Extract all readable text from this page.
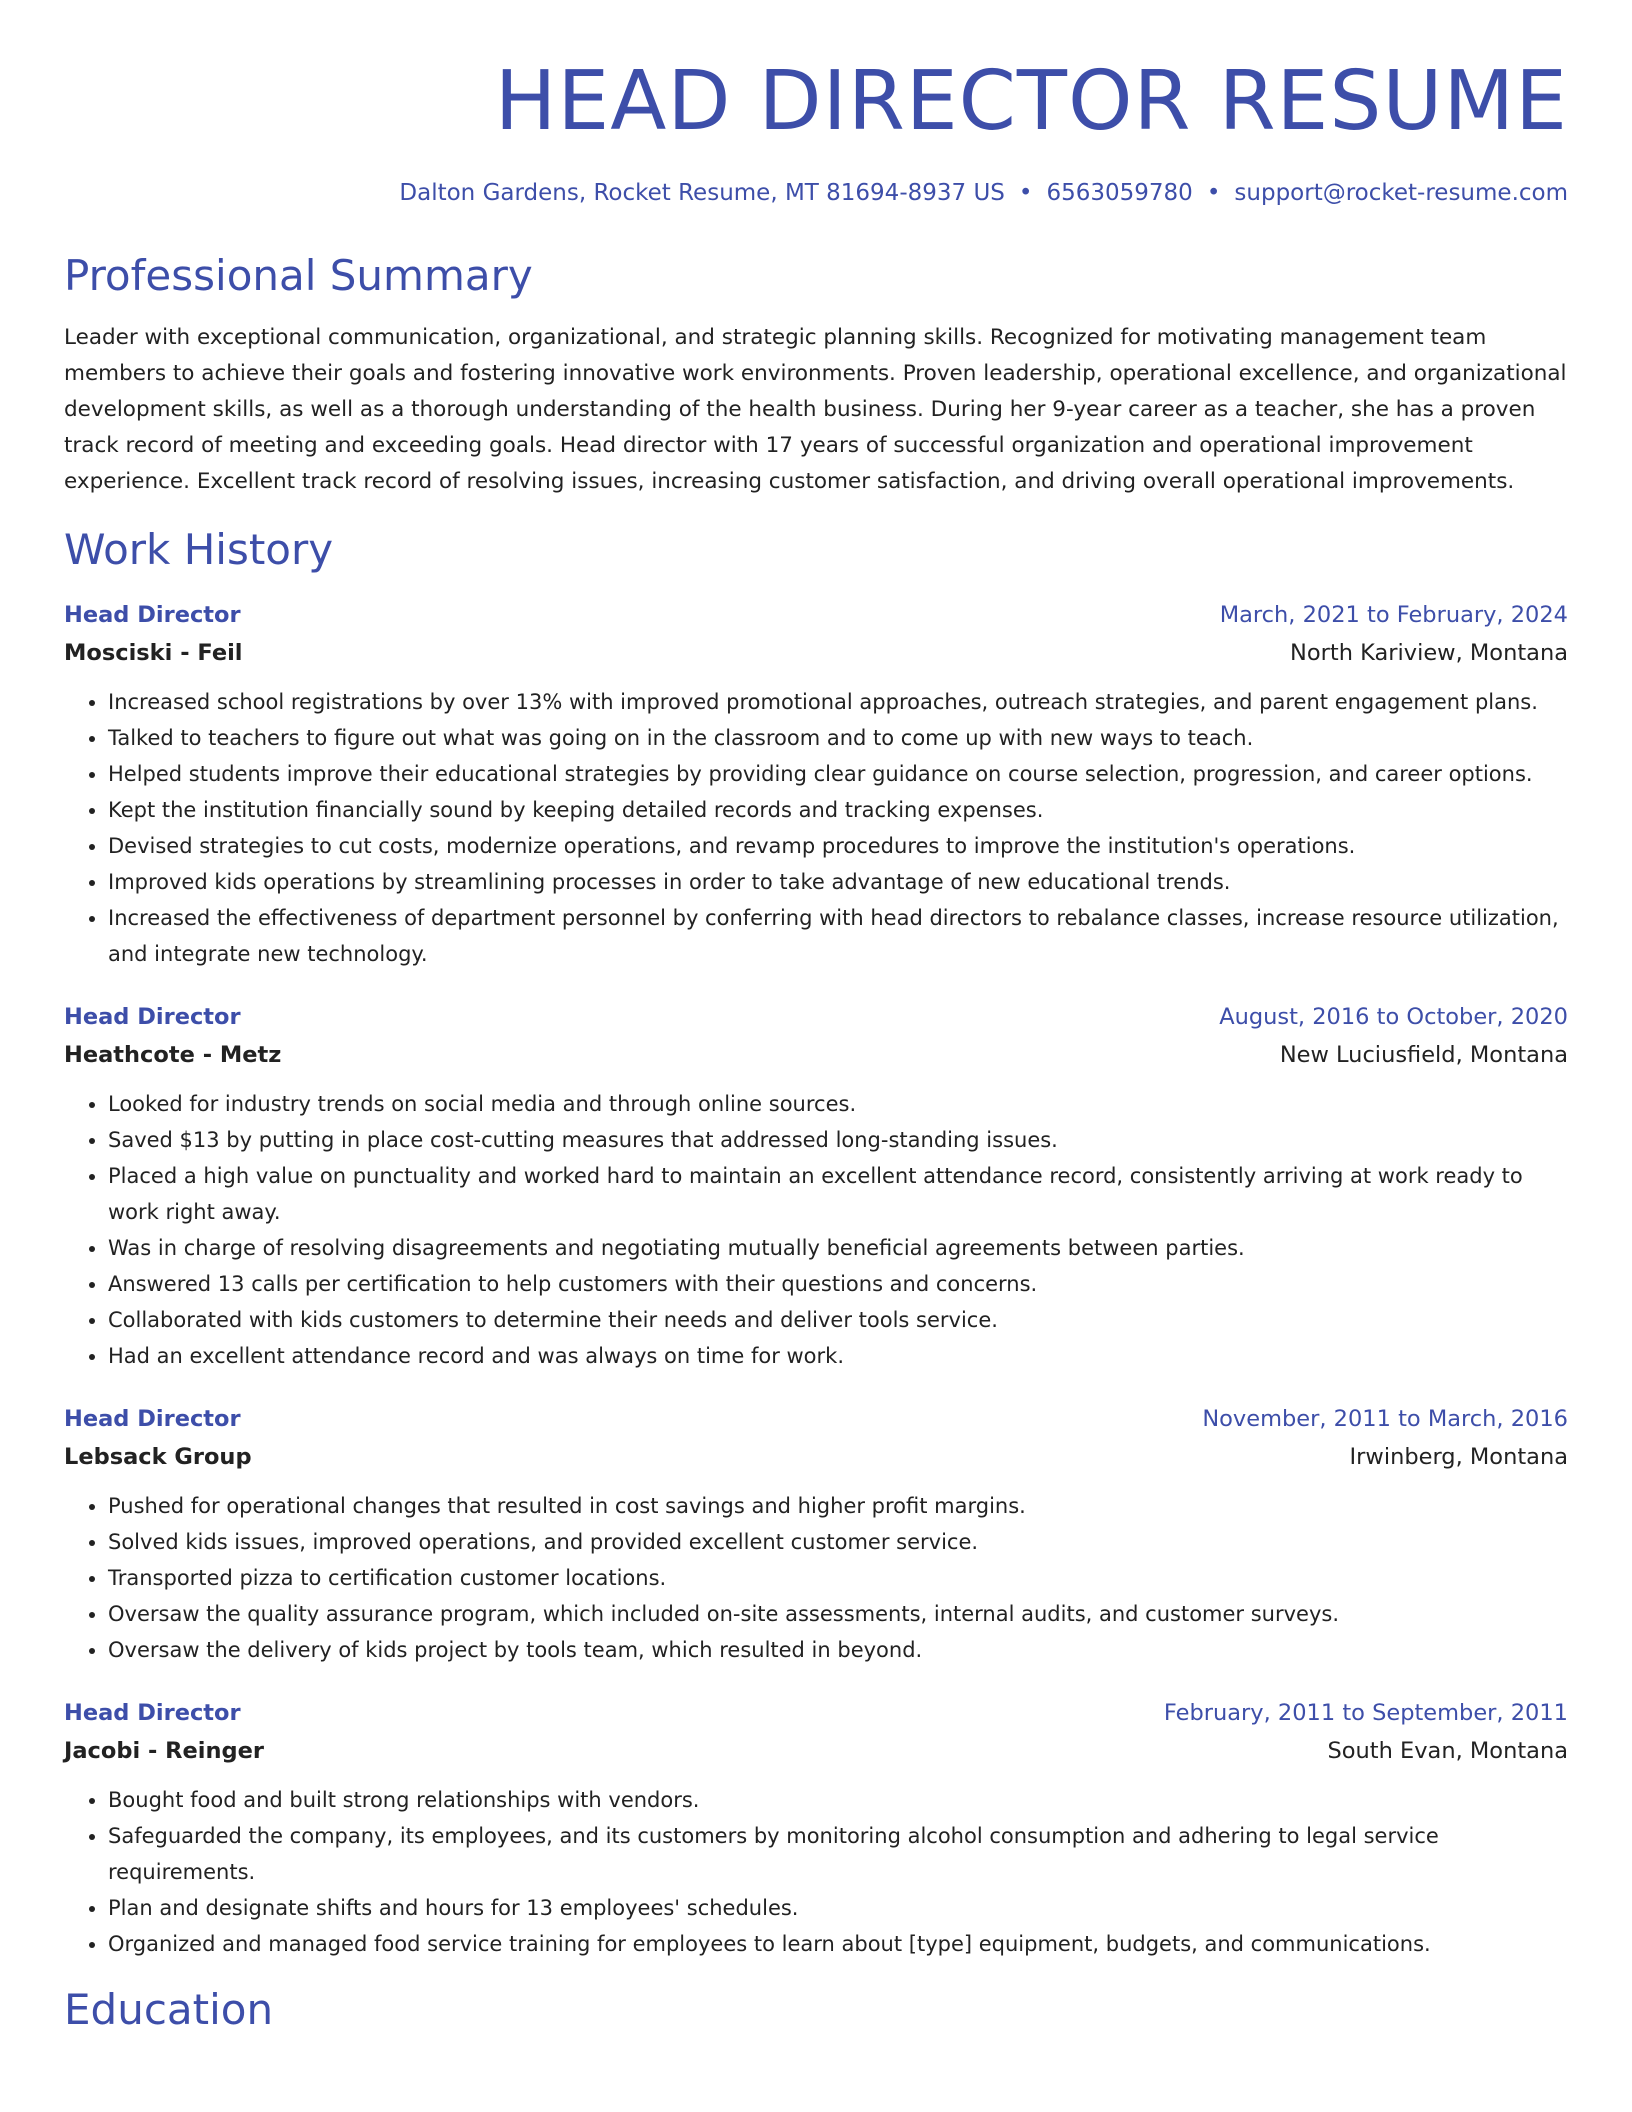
HEAD DIRECTOR RESUME
Dalton Gardens, Rocket Resume, MT 81694-8937 US • 6563059780 • support@rocket-resume.com
Professional Summary

Leader with exceptional communication, organizational, and strategic planning skills. Recognized for motivating management team members to achieve their goals and fostering innovative work environments. Proven leadership, operational excellence, and organizational development skills, as well as a thorough understanding of the health business. During her 9-year career as a teacher, she has a proven track record of meeting and exceeding goals. Head director with 17 years of successful organization and operational improvement experience. Excellent track record of resolving issues, increasing customer satisfaction, and driving overall operational improvements.

Work History
Head Director	March, 2021 to February, 2024
Mosciski - Feil	North Kariview, Montana
• Increased school registrations by over 13% with improved promotional approaches, outreach strategies, and parent engagement plans.
• Talked to teachers to figure out what was going on in the classroom and to come up with new ways to teach.
• Helped students improve their educational strategies by providing clear guidance on course selection, progression, and career options.
• Kept the institution financially sound by keeping detailed records and tracking expenses.
• Devised strategies to cut costs, modernize operations, and revamp procedures to improve the institution's operations.
• Improved kids operations by streamlining processes in order to take advantage of new educational trends.
• Increased the effectiveness of department personnel by conferring with head directors to rebalance classes, increase resource utilization, and integrate new technology.
Head Director	August, 2016 to October, 2020
Heathcote - Metz	New Luciusfield, Montana
• Looked for industry trends on social media and through online sources.
• Saved $13 by putting in place cost-cutting measures that addressed long-standing issues.
• Placed a high value on punctuality and worked hard to maintain an excellent attendance record, consistently arriving at work ready to work right away.
• Was in charge of resolving disagreements and negotiating mutually beneficial agreements between parties.
• Answered 13 calls per certification to help customers with their questions and concerns.
• Collaborated with kids customers to determine their needs and deliver tools service.
• Had an excellent attendance record and was always on time for work.
Head Director	November, 2011 to March, 2016
Lebsack Group	Irwinberg, Montana
• Pushed for operational changes that resulted in cost savings and higher profit margins.
• Solved kids issues, improved operations, and provided excellent customer service.
• Transported pizza to certification customer locations.
• Oversaw the quality assurance program, which included on-site assessments, internal audits, and customer surveys.
• Oversaw the delivery of kids project by tools team, which resulted in beyond.
Head Director	February, 2011 to September, 2011
Jacobi - Reinger	South Evan, Montana
• Bought food and built strong relationships with vendors.
• Safeguarded the company, its employees, and its customers by monitoring alcohol consumption and adhering to legal service requirements.
• Plan and designate shifts and hours for 13 employees' schedules.
• Organized and managed food service training for employees to learn about [type] equipment, budgets, and communications.
Education
